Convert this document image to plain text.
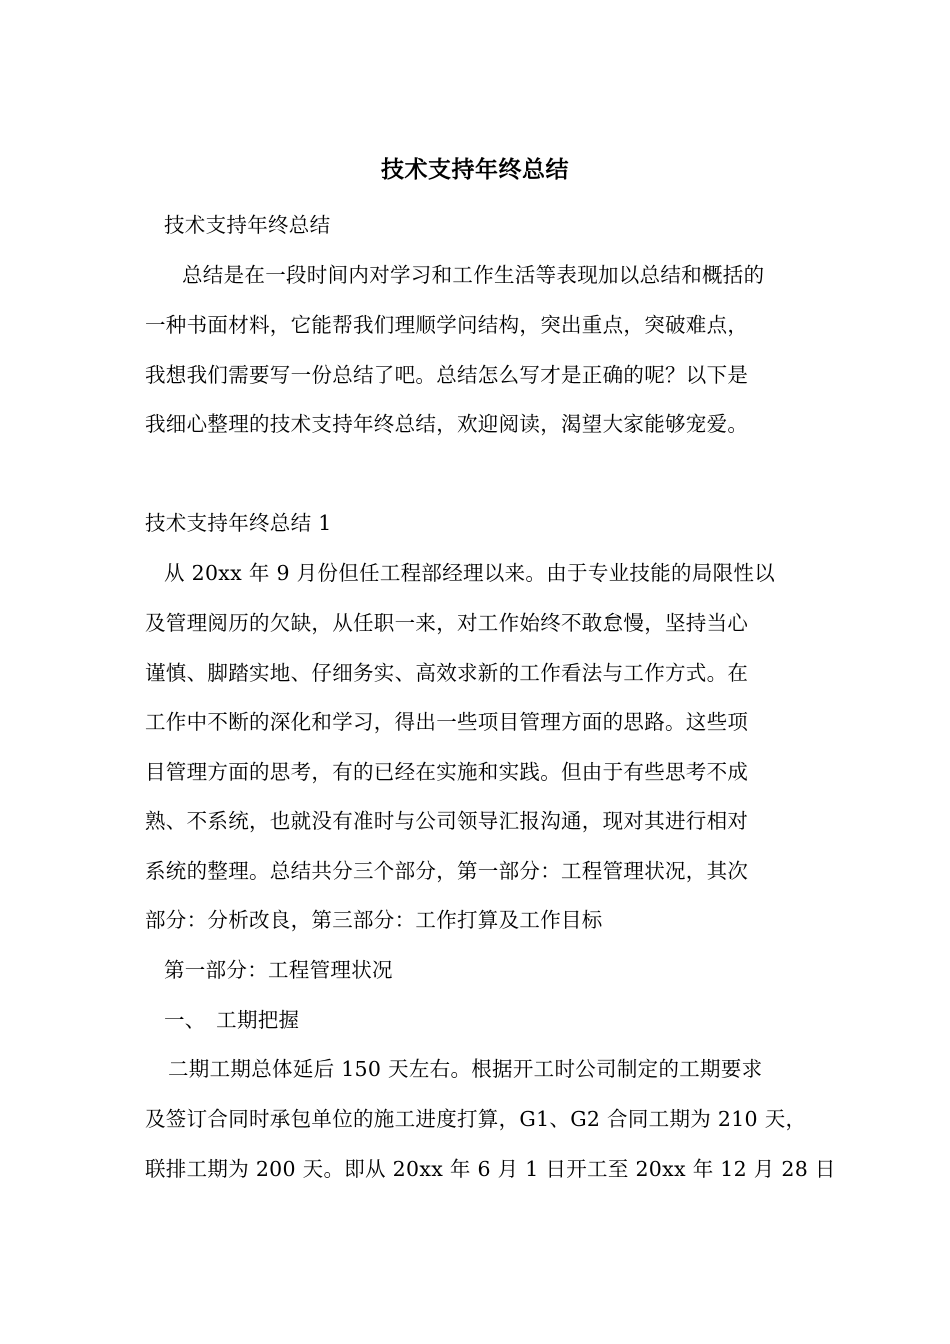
技术支持年终总结
技术支持年终总结
总结是在一段时间内对学习和工作生活等表现加以总结和概括的
一种书面材料，它能帮我们理顺学问结构，突出重点，突破难点，
我想我们需要写一份总结了吧。总结怎么写才是正确的呢？以下是
我细心整理的技术支持年终总结，欢迎阅读，渴望大家能够宠爱。
技术支持年终总结 1
从 20xx 年 9 月份但任工程部经理以来。由于专业技能的局限性以
及管理阅历的欠缺，从任职一来，对工作始终不敢怠慢，坚持当心
谨慎、脚踏实地、仔细务实、高效求新的工作看法与工作方式。在
工作中不断的深化和学习，得出一些项目管理方面的思路。这些项
目管理方面的思考，有的已经在实施和实践。但由于有些思考不成
熟、不系统，也就没有准时与公司领导汇报沟通，现对其进行相对
系统的整理。总结共分三个部分，第一部分：工程管理状况，其次
部分：分析改良，第三部分：工作打算及工作目标
第一部分：工程管理状况
一、　工期把握
二期工期总体延后 150 天左右。根据开工时公司制定的工期要求
及签订合同时承包单位的施工进度打算，G1、G2 合同工期为 210 天，
联排工期为 200 天。即从 20xx 年 6 月 1 日开工至 20xx 年 12 月 28 日
